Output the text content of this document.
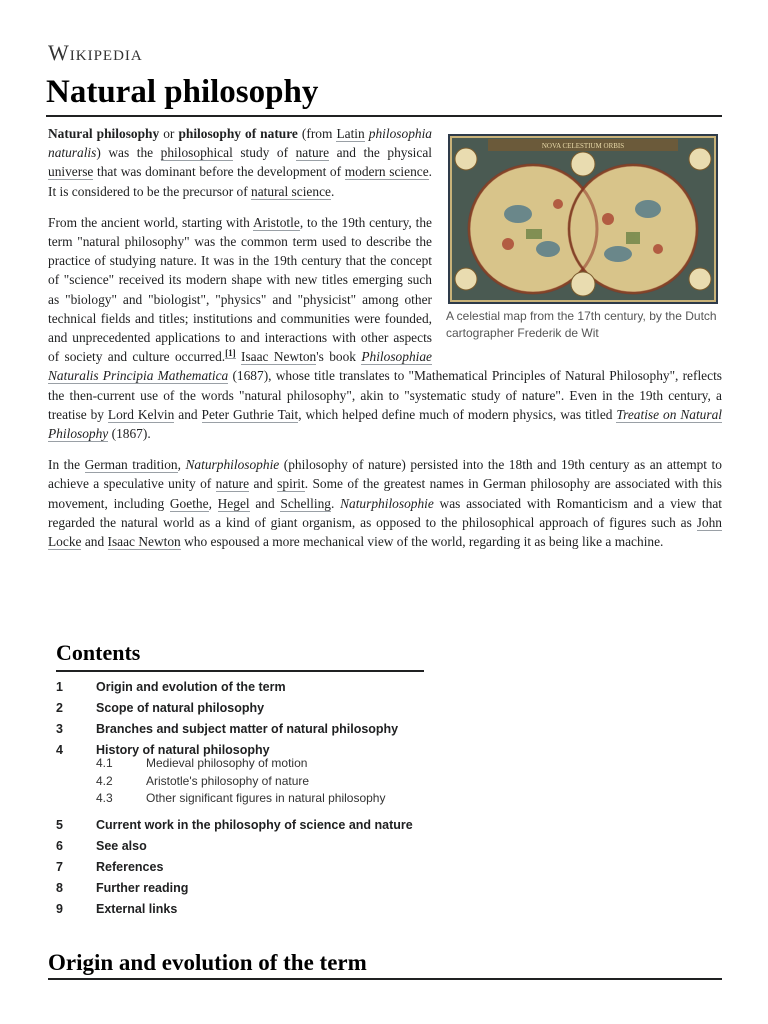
Wikipedia
Natural philosophy
NOVA CELESTIUM ORBIS
A celestial map from the 17th century, by the Dutch cartographer Frederik de Wit

Natural philosophy or philosophy of nature (from Latin philosophia naturalis) was the philosophical study of nature and the physical universe that was dominant before the development of modern science. It is considered to be the precursor of natural science.

From the ancient world, starting with Aristotle, to the 19th century, the term "natural philosophy" was the common term used to describe the practice of studying nature. It was in the 19th century that the concept of "science" received its modern shape with new titles emerging such as "biology" and "biologist", "physics" and "physicist" among other technical fields and titles; institutions and communities were founded, and unprecedented applications to and interactions with other aspects of society and culture occurred.[1] Isaac Newton's book Philosophiae Naturalis Principia Mathematica (1687), whose title translates to "Mathematical Principles of Natural Philosophy", reflects the then-current use of the words "natural philosophy", akin to "systematic study of nature". Even in the 19th century, a treatise by Lord Kelvin and Peter Guthrie Tait, which helped define much of modern physics, was titled Treatise on Natural Philosophy (1867).

In the German tradition, Naturphilosophie (philosophy of nature) persisted into the 18th and 19th century as an attempt to achieve a speculative unity of nature and spirit. Some of the greatest names in German philosophy are associated with this movement, including Goethe, Hegel and Schelling. Naturphilosophie was associated with Romanticism and a view that regarded the natural world as a kind of giant organism, as opposed to the philosophical approach of figures such as John Locke and Isaac Newton who espoused a more mechanical view of the world, regarding it as being like a machine.

Contents
1	Origin and evolution of the term
2	Scope of natural philosophy
3	Branches and subject matter of natural philosophy
4	History of natural philosophy
4.1	Medieval philosophy of motion
4.2	Aristotle's philosophy of nature
4.3	Other significant figures in natural philosophy
5	Current work in the philosophy of science and nature
6	See also
7	References
8	Further reading
9	External links
Origin and evolution of the term
